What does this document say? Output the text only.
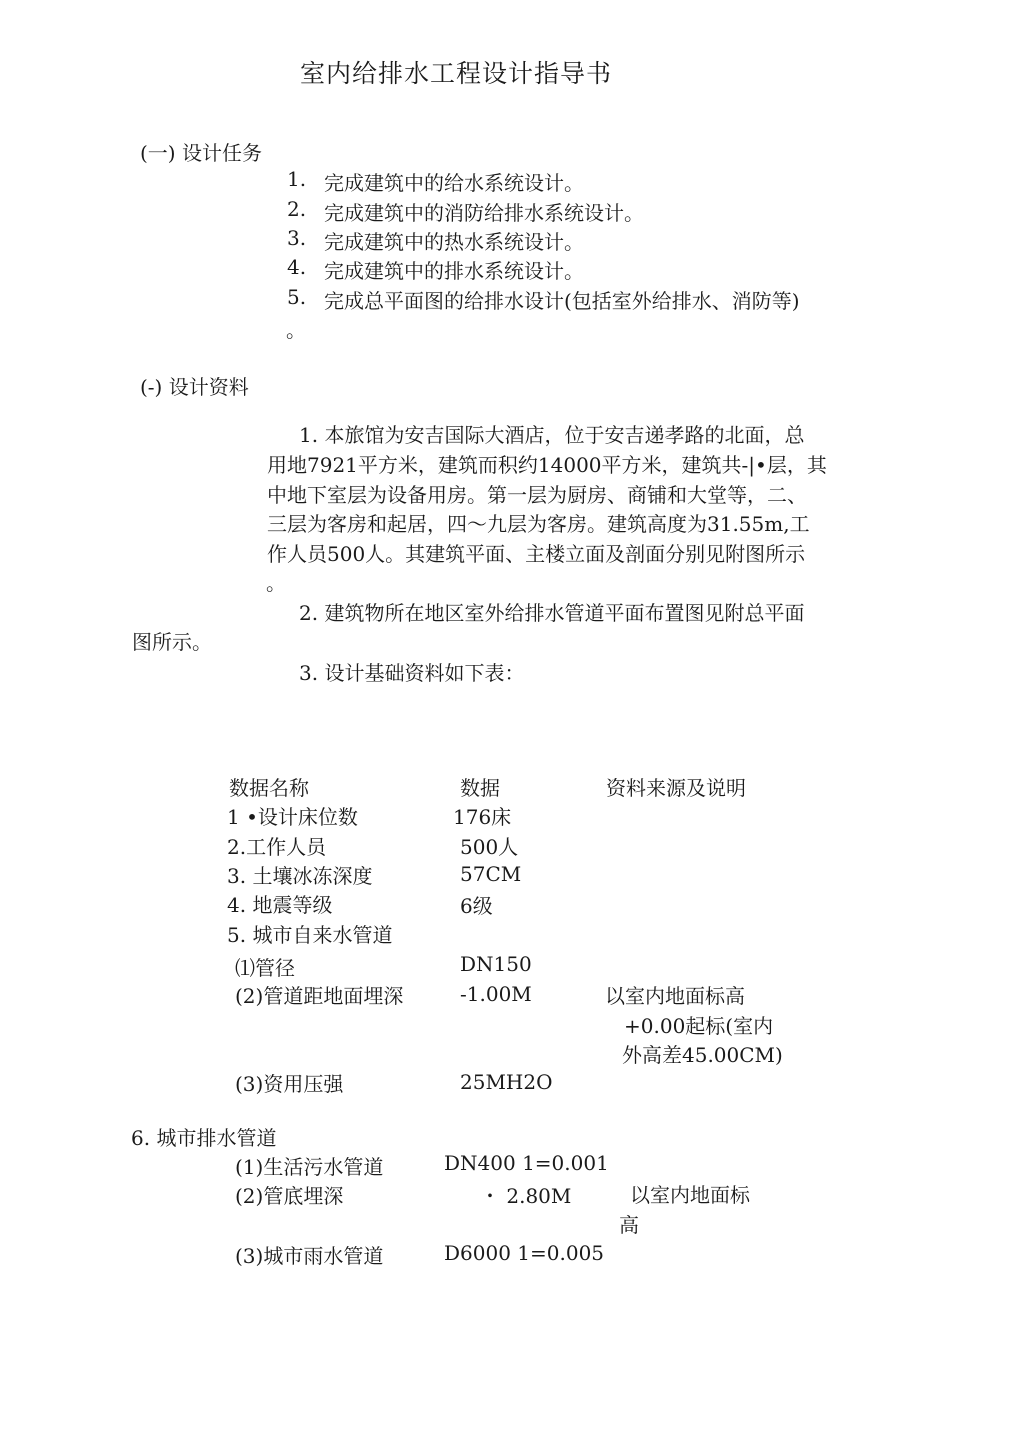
室内给排水工程设计指导书
(一) 设计任务
1. 完成建筑中的给水系统设计。
2. 完成建筑中的消防给排水系统设计。
3. 完成建筑中的热水系统设计。
4. 完成建筑中的排水系统设计。
5. 完成总平面图的给排水设计(包括室外给排水、消防等)
。
(-) 设计资料
1. 本旅馆为安吉国际大酒店，位于安吉递孝路的北面，总
用地7921平方米，建筑而积约14000平方米，建筑共-|•层，其
中地下室层为设备用房。第一层为厨房、商铺和大堂等，二、
三层为客房和起居，四～九层为客房。建筑高度为31.55m,工
作人员500人。其建筑平面、主楼立面及剖面分别见附图所示
。
2. 建筑物所在地区室外给排水管道平面布置图见附总平面
图所示。
3. 设计基础资料如下表：
数据名称	数据	资料来源及说明
1 •设计床位数	176床
2.工作人员	500人
3. 土壤冰冻深度	57CM
4. 地震等级	6级
5. 城市自来水管道
⑴管径	DN150
(2)管道距地面埋深	-1.00M	以室内地面标高
+0.00起标(室内
外高差45.00CM)
(3)资用压强	25MH2O
6. 城市排水管道
(1)生活污水管道	DN400 1=0.001
(2)管底埋深	・ 2.80M	以室内地面标
高
(3)城市雨水管道	D6000 1=0.005
